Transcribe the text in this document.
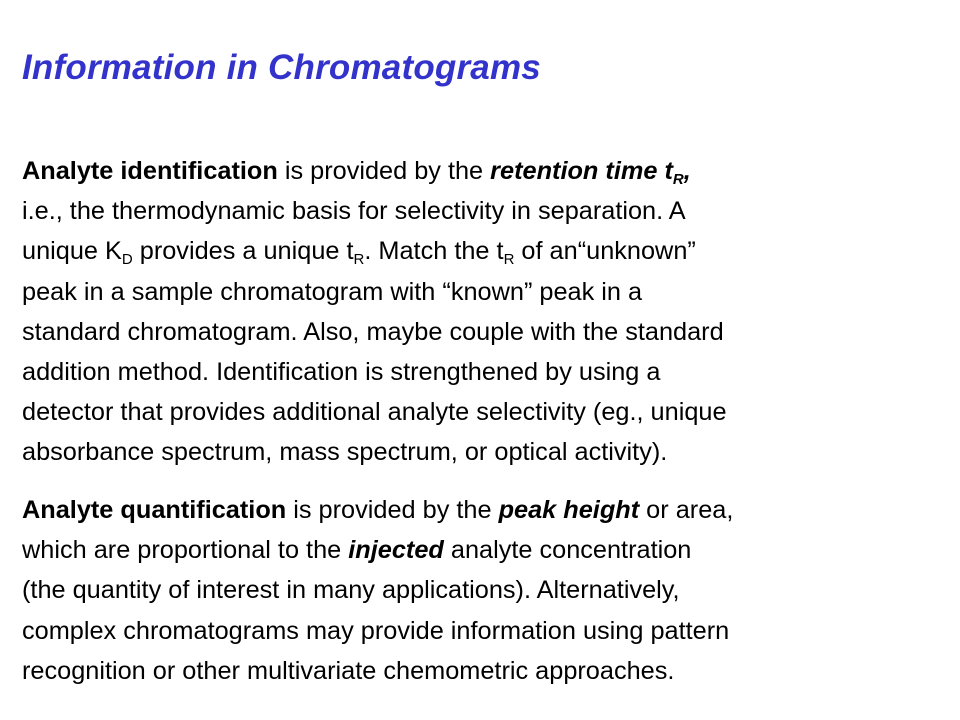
Information in Chromatograms
Analyte identification is provided by the retention time $t_R$,
i.e., the thermodynamic basis for selectivity in separation. A
unique $K_D$ provides a unique $t_R$. Match the $t_R$ of an“unknown”
peak in a sample chromatogram with “known” peak in a
standard chromatogram. Also, maybe couple with the standard
addition method. Identification is strengthened by using a
detector that provides additional analyte selectivity (eg., unique
absorbance spectrum, mass spectrum, or optical activity).
Analyte quantification is provided by the peak height or area,
which are proportional to the injected analyte concentration
(the quantity of interest in many applications). Alternatively,
complex chromatograms may provide information using pattern
recognition or other multivariate chemometric approaches.
